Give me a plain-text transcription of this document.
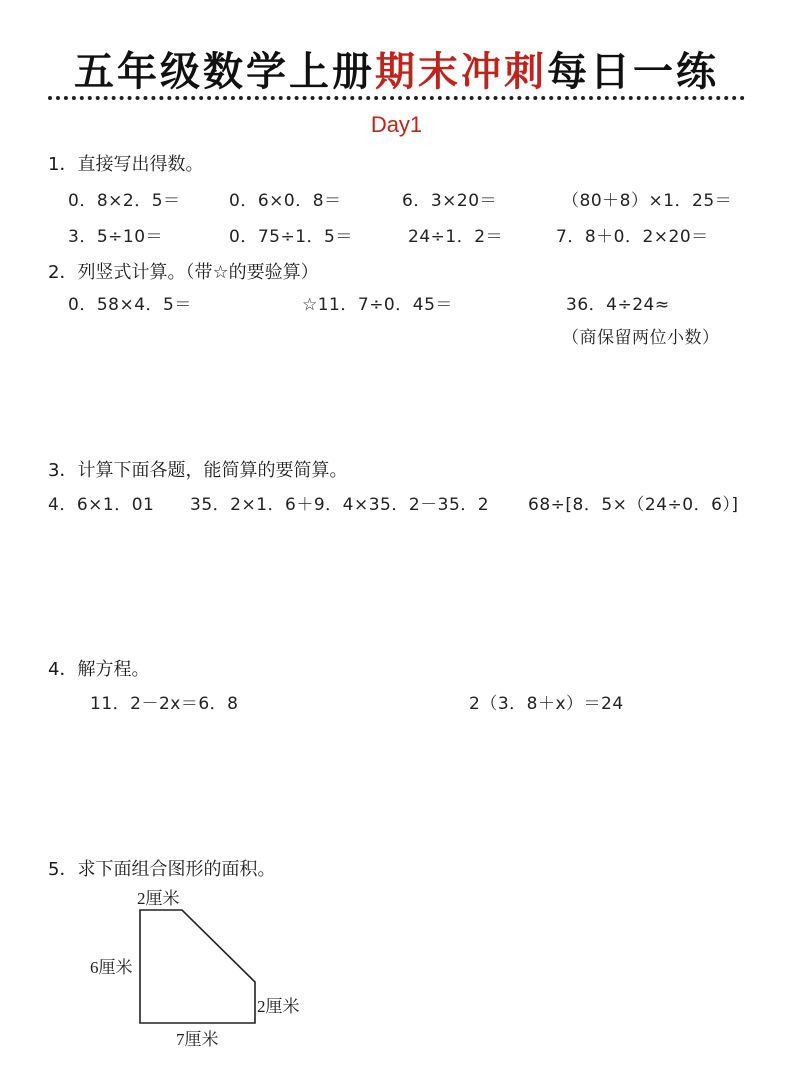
五年级数学上册期末冲刺每日一练
Day1
1．直接写出得数。
0．8×2．5＝	0．6×0．8＝	6．3×20＝	（80＋8）×1．25＝
3．5÷10＝	0．75÷1．5＝	24÷1．2＝	7．8＋0．2×20＝
2．列竖式计算。（带☆的要验算）
0．58×4．5＝	☆11．7÷0．45＝	36．4÷24≈
（商保留两位小数）
3．计算下面各题，能简算的要简算。
4．6×1．01 35．2×1．6＋9．4×35．2－35．2 68÷[8．5×（24÷0．6）]
4．解方程。
11．2－2x＝6．8	2（3．8＋x）＝24
5．求下面组合图形的面积。
2厘米
6厘米
2厘米
7厘米
